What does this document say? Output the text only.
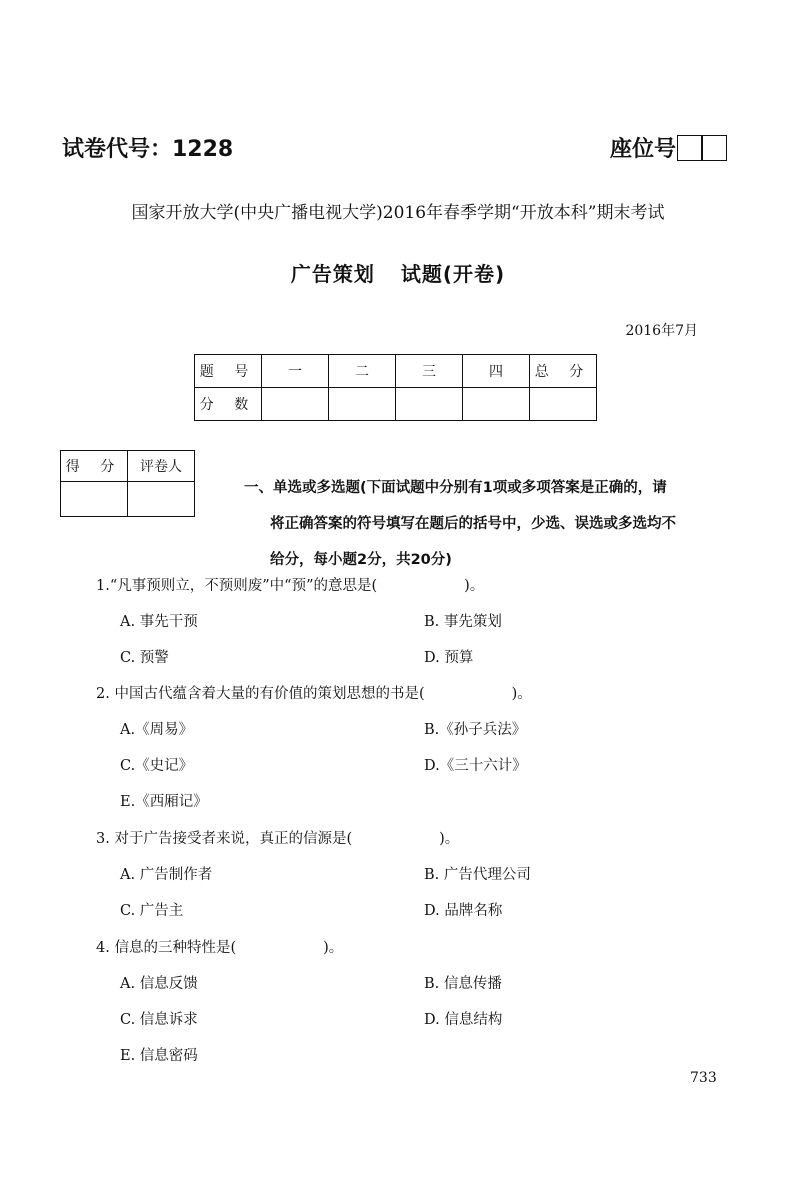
试卷代号：1228	座位号
国家开放大学(中央广播电视大学)2016年春季学期“开放本科”期末考试
广告策划 试题(开卷)
2016年7月
题 号	一	二	三	四	总 分
分 数					
得 分	评卷人

一、单选或多选题(下面试题中分别有1项或多项答案是正确的，请
将正确答案的符号填写在题后的括号中，少选、误选或多选均不
给分，每小题2分，共20分)
1.“凡事预则立，不预则废”中“预”的意思是(　　　　　　)。
A. 事先干预	B. 事先策划
C. 预警	D. 预算
2. 中国古代蕴含着大量的有价值的策划思想的书是(　　　　　　)。
A.《周易》	B.《孙子兵法》
C.《史记》	D.《三十六计》
E.《西厢记》
3. 对于广告接受者来说，真正的信源是(　　　　　　)。
A. 广告制作者	B. 广告代理公司
C. 广告主	D. 品牌名称
4. 信息的三种特性是(　　　　　　)。
A. 信息反馈	B. 信息传播
C. 信息诉求	D. 信息结构
E. 信息密码
733
